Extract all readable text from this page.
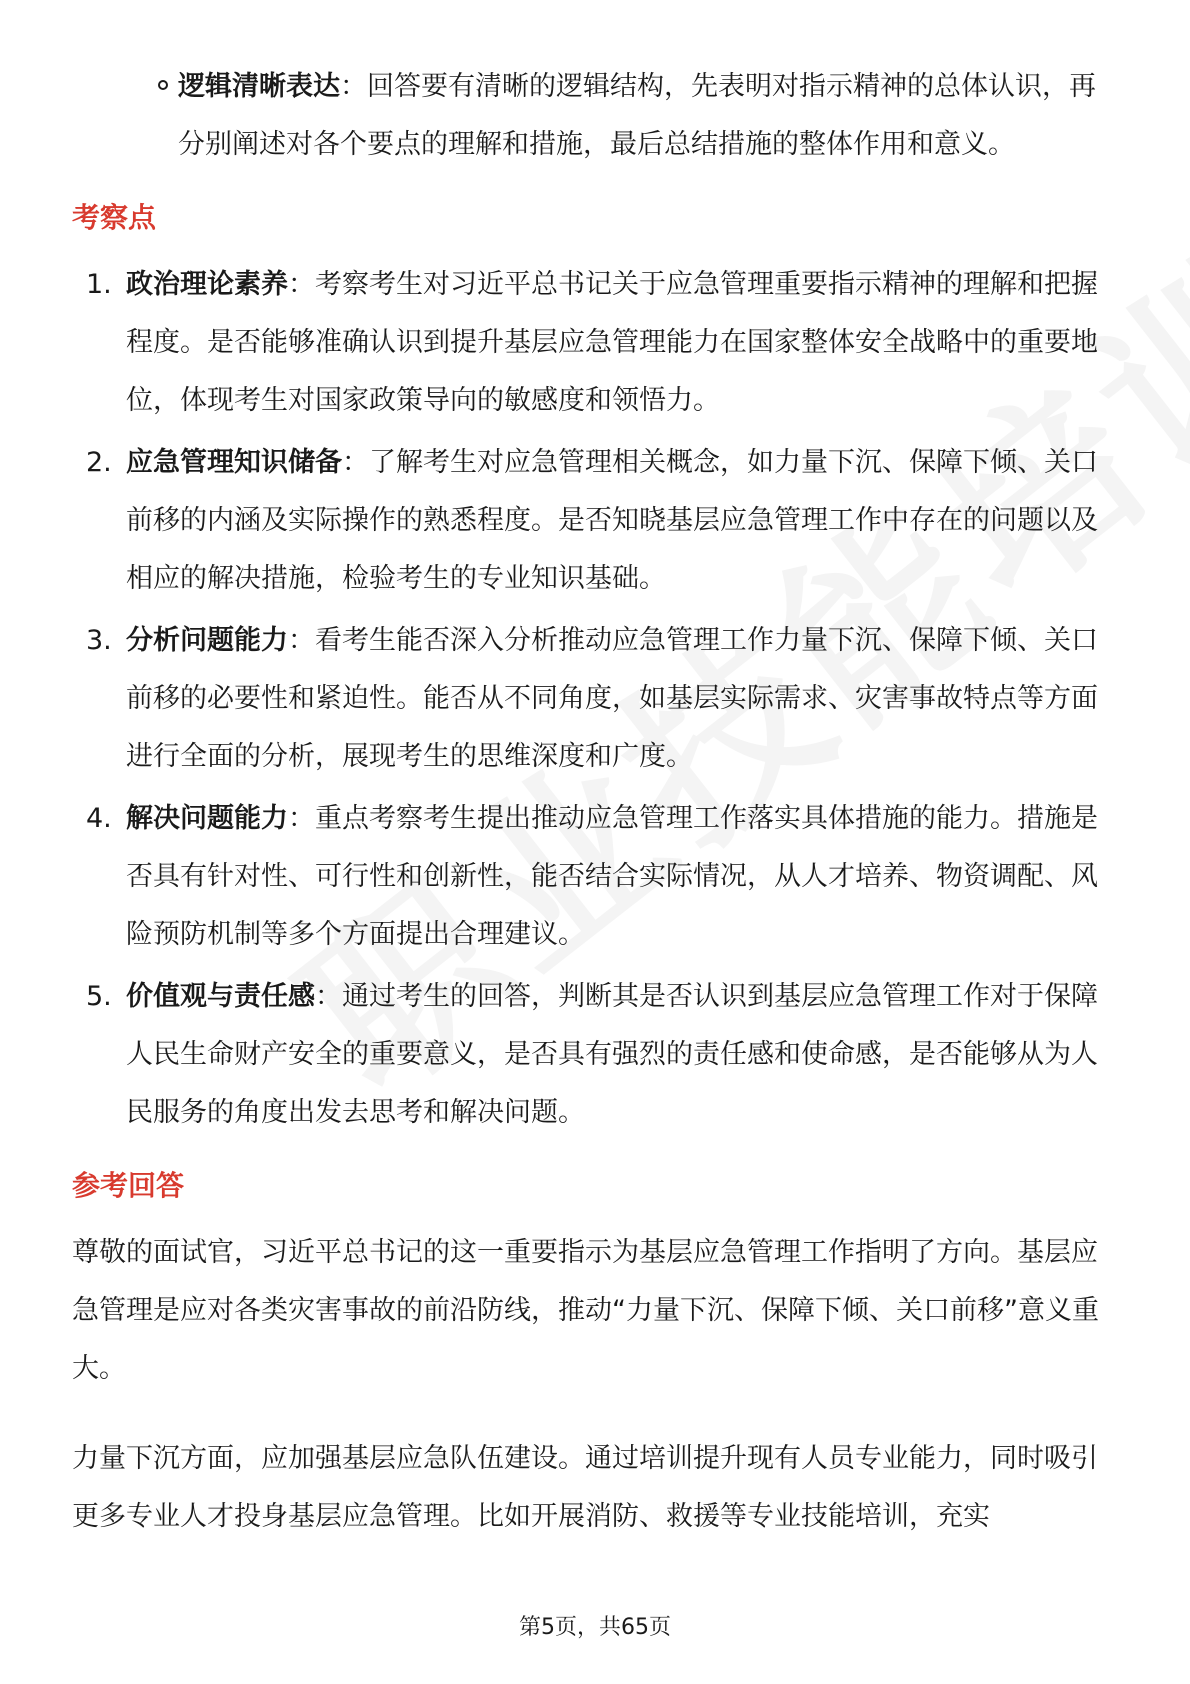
逻辑清晰表达：回答要有清晰的逻辑结构，先表明对指示精神的总体认识，再分别阐述对各个要点的理解和措施，最后总结措施的整体作用和意义。
考察点
1. 政治理论素养：考察考生对习近平总书记关于应急管理重要指示精神的理解和把握程度。是否能够准确认识到提升基层应急管理能力在国家整体安全战略中的重要地位，体现考生对国家政策导向的敏感度和领悟力。
2. 应急管理知识储备：了解考生对应急管理相关概念，如力量下沉、保障下倾、关口前移的内涵及实际操作的熟悉程度。是否知晓基层应急管理工作中存在的问题以及相应的解决措施，检验考生的专业知识基础。
3. 分析问题能力：看考生能否深入分析推动应急管理工作力量下沉、保障下倾、关口前移的必要性和紧迫性。能否从不同角度，如基层实际需求、灾害事故特点等方面进行全面的分析，展现考生的思维深度和广度。
4. 解决问题能力：重点考察考生提出推动应急管理工作落实具体措施的能力。措施是否具有针对性、可行性和创新性，能否结合实际情况，从人才培养、物资调配、风险预防机制等多个方面提出合理建议。
5. 价值观与责任感：通过考生的回答，判断其是否认识到基层应急管理工作对于保障人民生命财产安全的重要意义，是否具有强烈的责任感和使命感，是否能够从为人民服务的角度出发去思考和解决问题。
参考回答

尊敬的面试官，习近平总书记的这一重要指示为基层应急管理工作指明了方向。基层应急管理是应对各类灾害事故的前沿防线，推动“力量下沉、保障下倾、关口前移”意义重大。

力量下沉方面，应加强基层应急队伍建设。通过培训提升现有人员专业能力，同时吸引更多专业人才投身基层应急管理。比如开展消防、救援等专业技能培训，充实

第5页，共65页
